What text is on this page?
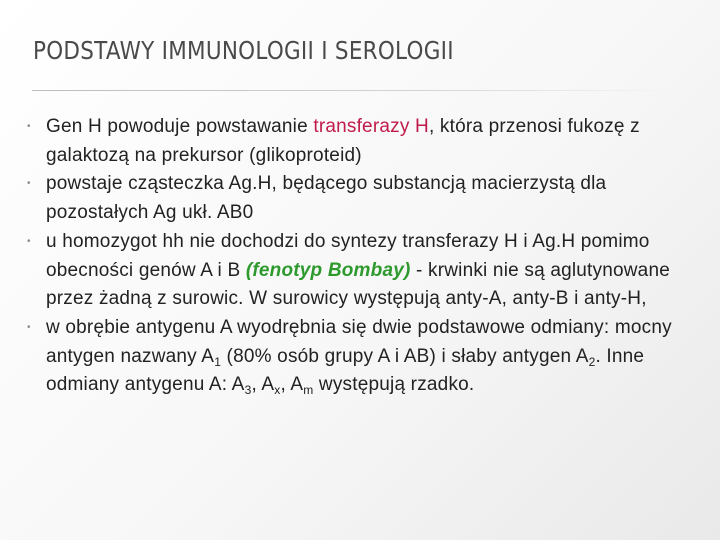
PODSTAWY IMMUNOLOGII I SEROLOGII
• Gen H powoduje powstawanie transferazy H, która przenosi fukozę z galaktozą na prekursor (glikoproteid)
• powstaje cząsteczka Ag.H, będącego substancją macierzystą dla pozostałych Ag ukł. AB0
• u homozygot hh nie dochodzi do syntezy transferazy H i Ag.H pomimo obecności genów A i B (fenotyp Bombay) - krwinki nie są aglutynowane przez żadną z surowic. W surowicy występują anty-A, anty-B i anty-H,
• w obrębie antygenu A wyodrębnia się dwie podstawowe odmiany: mocny antygen nazwany $A_1$ (80% osób grupy A i AB) i słaby antygen $A_2$. Inne odmiany antygenu A: $A_3$, $A_x$, $A_m$ występują rzadko.
